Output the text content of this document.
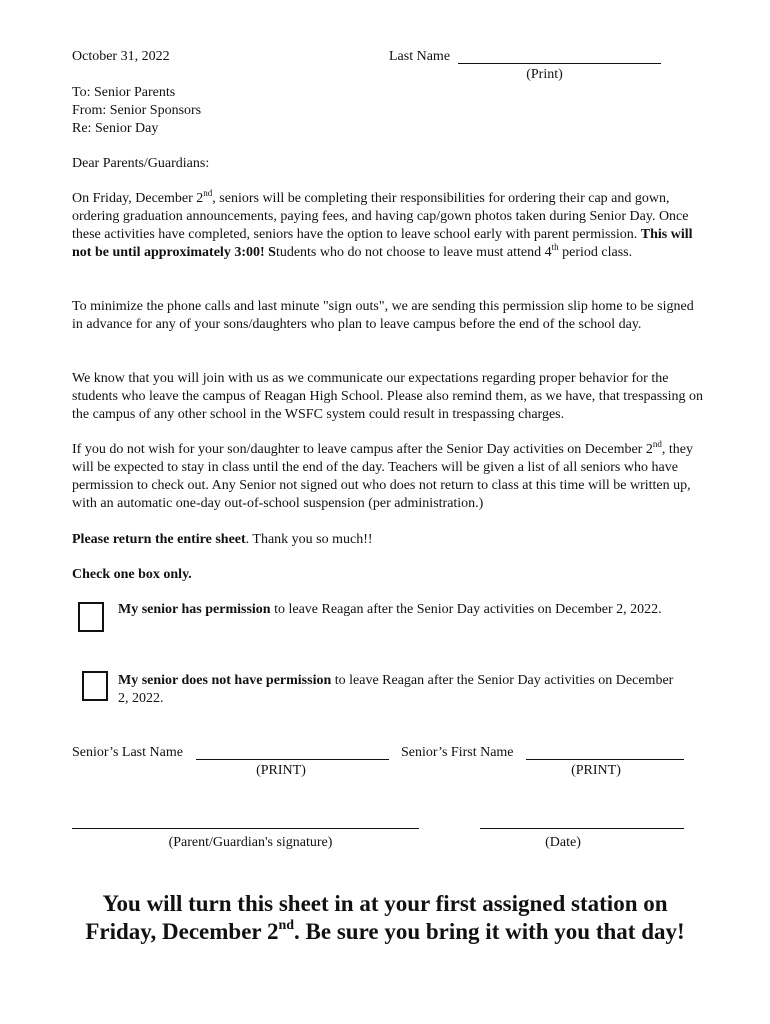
October 31, 2022	Last Name
(Print)
To: Senior Parents
From: Senior Sponsors
Re: Senior Day
Dear Parents/Guardians:

On Friday, December 2nd, seniors will be completing their responsibilities for ordering their cap and gown, ordering graduation announcements, paying fees, and having cap/gown photos taken during Senior Day. Once these activities have completed, seniors have the option to leave school early with parent permission. This will not be until approximately 3:00! Students who do not choose to leave must attend 4th period class.

To minimize the phone calls and last minute "sign outs", we are sending this permission slip home to be signed in advance for any of your sons/daughters who plan to leave campus before the end of the school day.

We know that you will join with us as we communicate our expectations regarding proper behavior for the students who leave the campus of Reagan High School. Please also remind them, as we have, that trespassing on the campus of any other school in the WSFC system could result in trespassing charges.

If you do not wish for your son/daughter to leave campus after the Senior Day activities on December 2nd, they will be expected to stay in class until the end of the day. Teachers will be given a list of all seniors who have permission to check out. Any Senior not signed out who does not return to class at this time will be written up, with an automatic one-day out-of-school suspension (per administration.)

Please return the entire sheet. Thank you so much!!
Check one box only.
My senior has permission to leave Reagan after the Senior Day activities on December 2, 2022.
My senior does not have permission to leave Reagan after the Senior Day activities on December 2, 2022.
Senior’s Last Name
(PRINT)
Senior’s First Name
(PRINT)
(Parent/Guardian's signature)	(Date)
You will turn this sheet in at your first assigned station on
Friday, December 2nd. Be sure you bring it with you that day!
